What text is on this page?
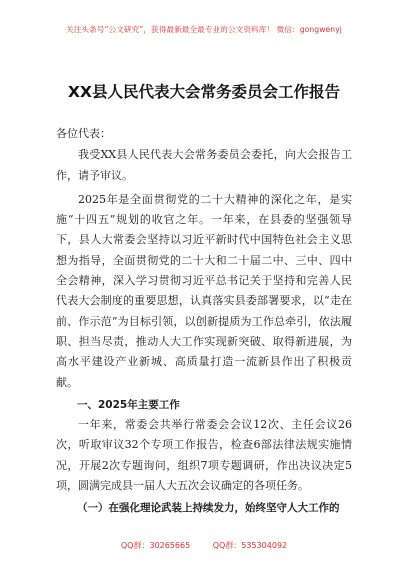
关注头条号“公文研究”，获得最新最全最专业的公文资料库！ 微信：gongwenyj
XX县人民代表大会常务委员会工作报告

各位代表：

我受XX县人民代表大会常务委员会委托，向大会报告工作，请予审议。

2025年是全面贯彻党的二十大精神的深化之年，是实施“十四五”规划的收官之年。一年来，在县委的坚强领导下，县人大常委会坚持以习近平新时代中国特色社会主义思想为指导，全面贯彻党的二十大和二十届二中、三中、四中全会精神，深入学习贯彻习近平总书记关于坚持和完善人民代表大会制度的重要思想，认真落实县委部署要求，以“走在前、作示范”为目标引领，以创新提质为工作总牵引，依法履职、担当尽责，推动人大工作实现新突破、取得新进展，为高水平建设产业新城、高质量打造一流新县作出了积极贡献。

一、2025年主要工作

一年来，常委会共举行常委会会议12次、主任会议26次，听取审议32个专项工作报告，检查6部法律法规实施情况，开展2次专题询问，组织7项专题调研，作出决议决定5项，圆满完成县一届人大五次会议确定的各项任务。

（一）在强化理论武装上持续发力，始终坚守人大工作的

QQ群：30265665	QQ群：535304092
